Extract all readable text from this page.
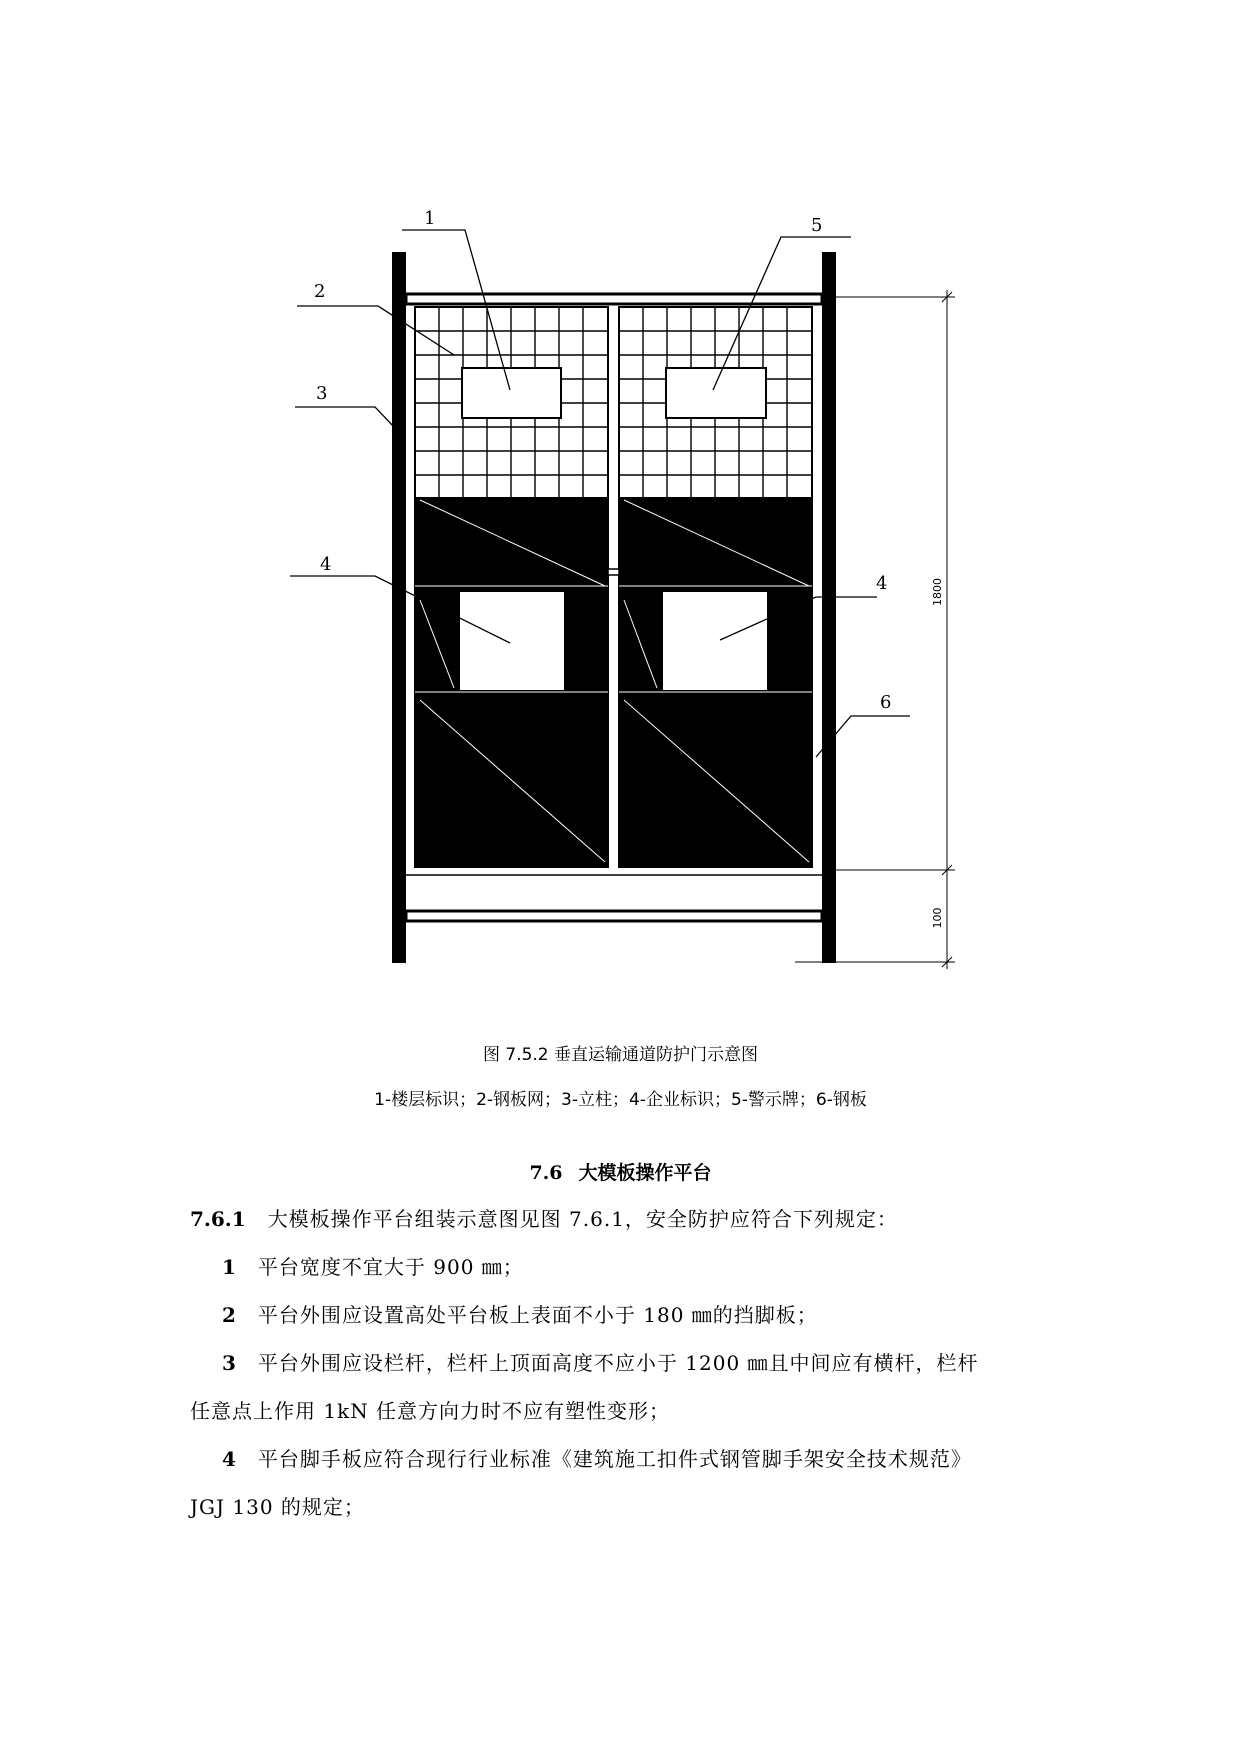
1
2
3
4
4
5
6
1800
100
图 7.5.2 垂直运输通道防护门示意图
1-楼层标识；2-钢板网；3-立柱；4-企业标识；5-警示牌；6-钢板
7.6 大模板操作平台
7.6.1 大模板操作平台组装示意图见图 7.6.1，安全防护应符合下列规定：
1 平台宽度不宜大于 900 ㎜；
2 平台外围应设置高处平台板上表面不小于 180 ㎜的挡脚板；
3 平台外围应设栏杆，栏杆上顶面高度不应小于 1200 ㎜且中间应有横杆，栏杆
任意点上作用 1kN 任意方向力时不应有塑性变形；
4 平台脚手板应符合现行行业标准《建筑施工扣件式钢管脚手架安全技术规范》
JGJ 130 的规定；
